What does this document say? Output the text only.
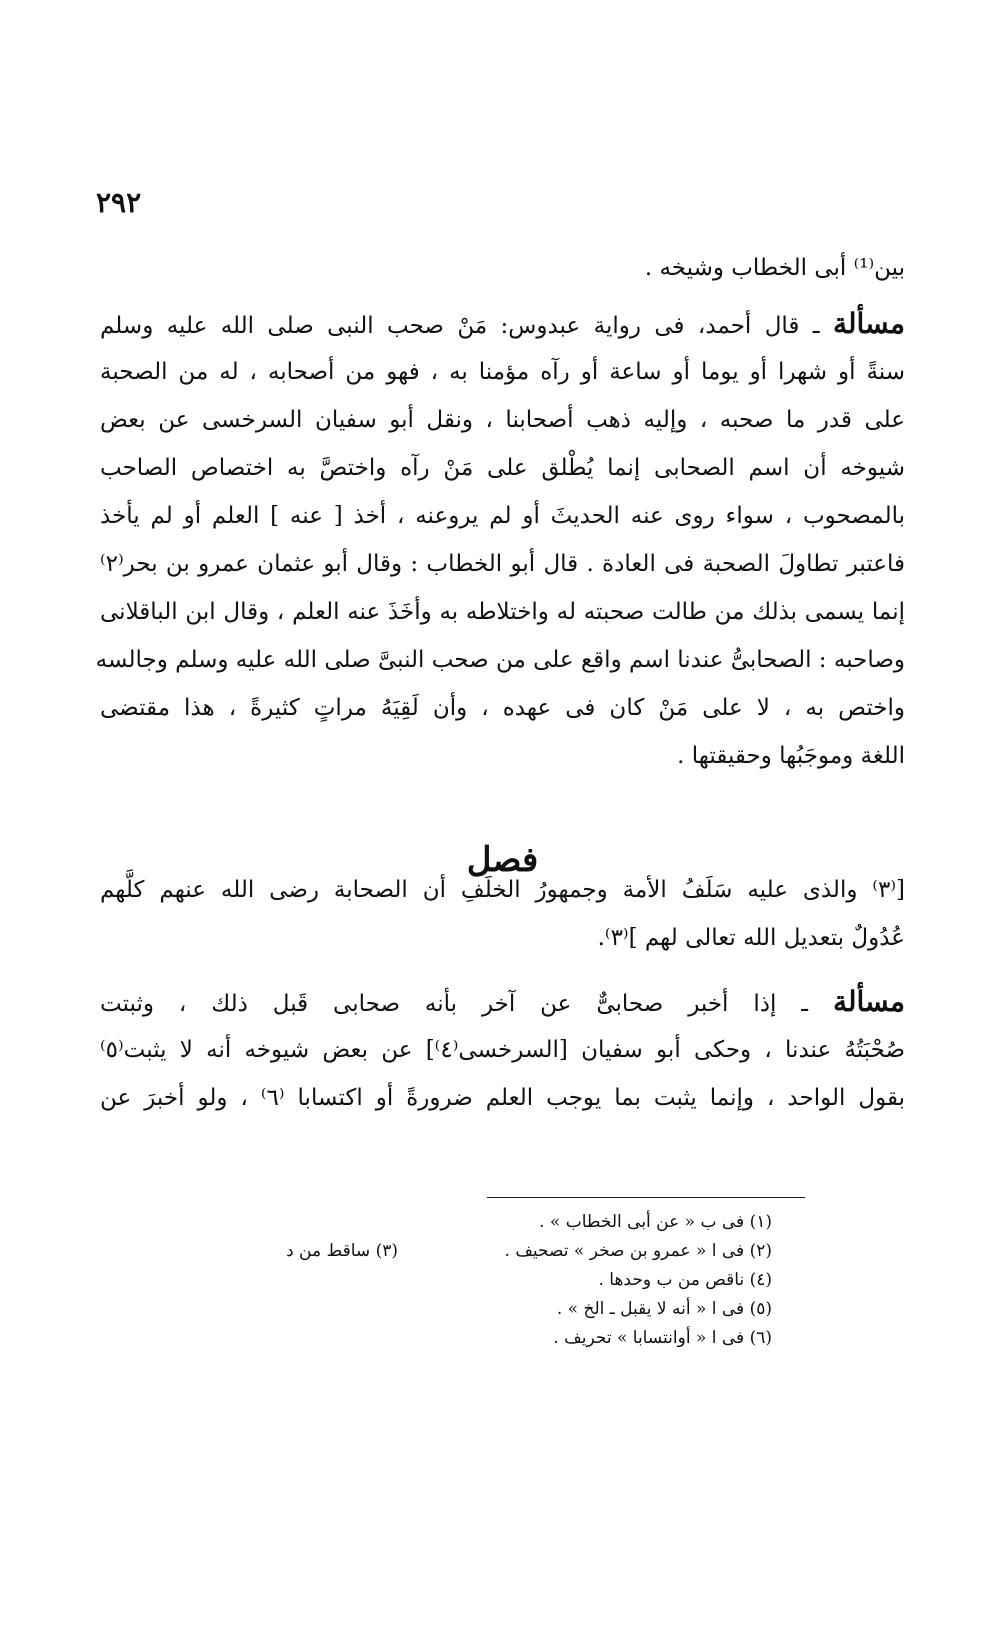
٢٩٢
بين⁽¹⁾ أبى الخطاب وشيخه .
مسألة ـ قال أحمد، فى رواية عبدوس: مَنْ صحب النبى صلى الله عليه وسلم
سنةً أو شهرا أو يوما أو ساعة أو رآه مؤمنا به ، فهو من أصحابه ، له من الصحبة
على قدر ما صحبه ، وإليه ذهب أصحابنا ، ونقل أبو سفيان السرخسى عن بعض
شيوخه أن اسم الصحابى إنما يُطْلق على مَنْ رآه واختصَّ به اختصاص الصاحب
بالمصحوب ، سواء روى عنه الحديثَ أو لم يروعنه ، أخذ [ عنه ] العلم أو لم يأخذ
فاعتبر تطاولَ الصحبة فى العادة . قال أبو الخطاب : وقال أبو عثمان عمرو بن بحر⁽٢⁾
إنما يسمى بذلك من طالت صحبته له واختلاطه به وأخَذَ عنه العلم ، وقال ابن الباقلانى
وصاحبه : الصحابىُّ عندنا اسم واقع على من صحب النبىَّ صلى الله عليه وسلم وجالسه
واختص به ، لا على مَنْ كان فى عهده ، وأن لَقِيَهُ مراتٍ كثيرةً ، هذا مقتضى
اللغة وموجَبُها وحقيقتها .
فصل
[⁽٣⁾ والذى عليه سَلَفُ الأمة وجمهورُ الخلَفِ أن الصحابة رضى الله عنهم كلَّهم
عُدُولٌ بتعديل الله تعالى لهم ]⁽٣⁾.
مسألة ـ إذا أخبر صحابىٌّ عن آخر بأنه صحابى قَبل ذلك ، وثبتت
صُحْبَتُهُ عندنا ، وحكى أبو سفيان [السرخسى⁽٤⁾] عن بعض شيوخه أنه لا يثبت⁽٥⁾
بقول الواحد ، وإنما يثبت بما يوجب العلم ضرورةً أو اكتسابا ⁽٦⁾ ، ولو أخبرَ عن
(١) فى ب « عن أبى الخطاب » .
(٢) فى ا « عمرو بن صخر » تصحيف .
(٣) ساقط من د
(٤) ناقص من ب وحدها .
(٥) فى ا « أنه لا يقبل ـ الخ » .
(٦) فى ا « أوانتسابا » تحريف .
